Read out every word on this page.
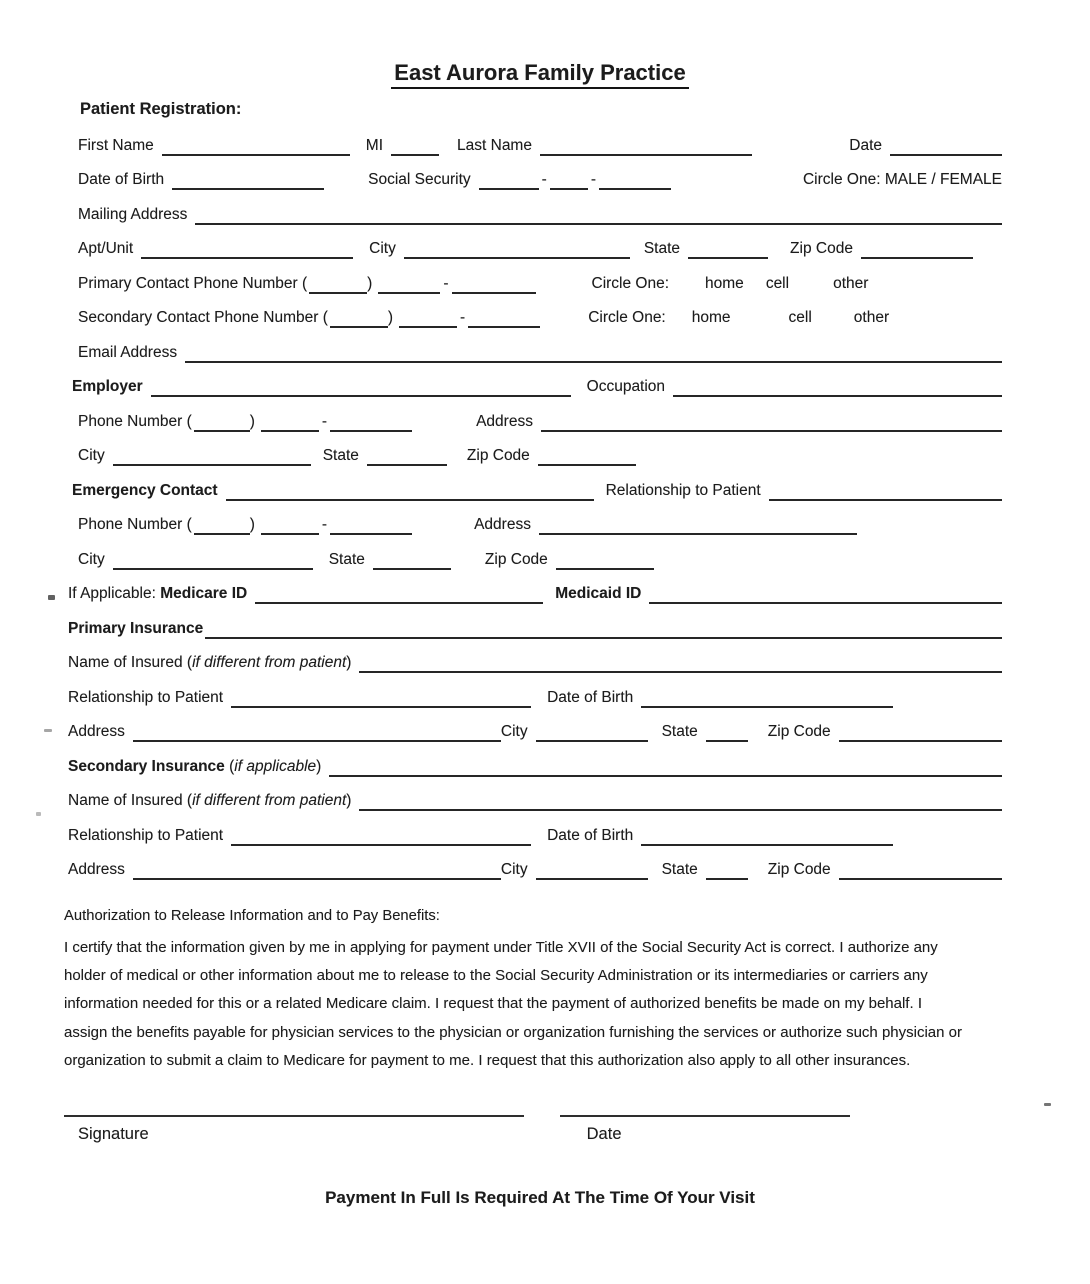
East Aurora Family Practice
Patient Registration:
First Name	MI	Last Name	Date
Date of Birth	Social Security	-	-	Circle One: MALE / FEMALE
Mailing Address
Apt/Unit	City	State	Zip Code
Primary Contact Phone Number (	)	-	Circle One: home cell	other
Secondary Contact Phone Number (	)	-	Circle One: home	cell	other
Email Address
Employer	Occupation
Phone Number (	)	-	Address
City	State	Zip Code
Emergency Contact	Relationship to Patient
Phone Number (	)	-	Address
City	State	Zip Code
If Applicable: Medicare ID	Medicaid ID
Primary Insurance
Name of Insured (if different from patient)
Relationship to Patient	Date of Birth
Address	City	State	Zip Code
Secondary Insurance (if applicable)
Name of Insured (if different from patient)
Relationship to Patient	Date of Birth
Address	City	State	Zip Code
Authorization to Release Information and to Pay Benefits:
I certify that the information given by me in applying for payment under Title XVII of the Social Security Act is correct. I authorize any
holder of medical or other information about me to release to the Social Security Administration or its intermediaries or carriers any
information needed for this or a related Medicare claim. I request that the payment of authorized benefits be made on my behalf. I
assign the benefits payable for physician services to the physician or organization furnishing the services or authorize such physician or
organization to submit a claim to Medicare for payment to me. I request that this authorization also apply to all other insurances.
Signature	Date
Payment In Full Is Required At The Time Of Your Visit
